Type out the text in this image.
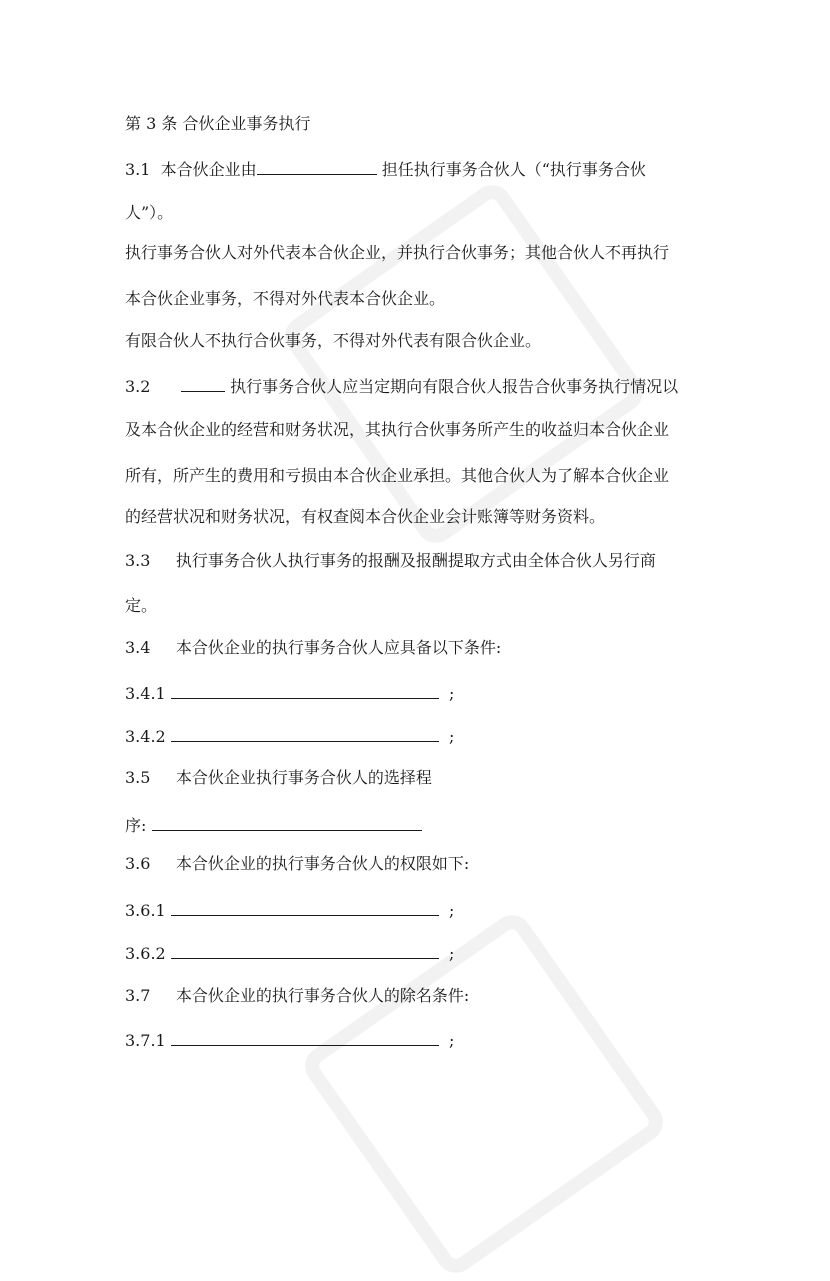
第 3 条 合伙企业事务执行
3.1 本合伙企业由	担任执行事务合伙人（“执行事务合伙
人”）。
执行事务合伙人对外代表本合伙企业，并执行合伙事务；其他合伙人不再执行
本合伙企业事务，不得对外代表本合伙企业。
有限合伙人不执行合伙事务，不得对外代表有限合伙企业。
3.2	执行事务合伙人应当定期向有限合伙人报告合伙事务执行情况以
及本合伙企业的经营和财务状况，其执行合伙事务所产生的收益归本合伙企业
所有，所产生的费用和亏损由本合伙企业承担。其他合伙人为了解本合伙企业
的经营状况和财务状况，有权查阅本合伙企业会计账簿等财务资料。
3.3 执行事务合伙人执行事务的报酬及报酬提取方式由全体合伙人另行商
定。
3.4 本合伙企业的执行事务合伙人应具备以下条件:
3.4.1	;
3.4.2	;
3.5 本合伙企业执行事务合伙人的选择程
序:
3.6 本合伙企业的执行事务合伙人的权限如下:
3.6.1	;
3.6.2	;
3.7 本合伙企业的执行事务合伙人的除名条件:
3.7.1	;
